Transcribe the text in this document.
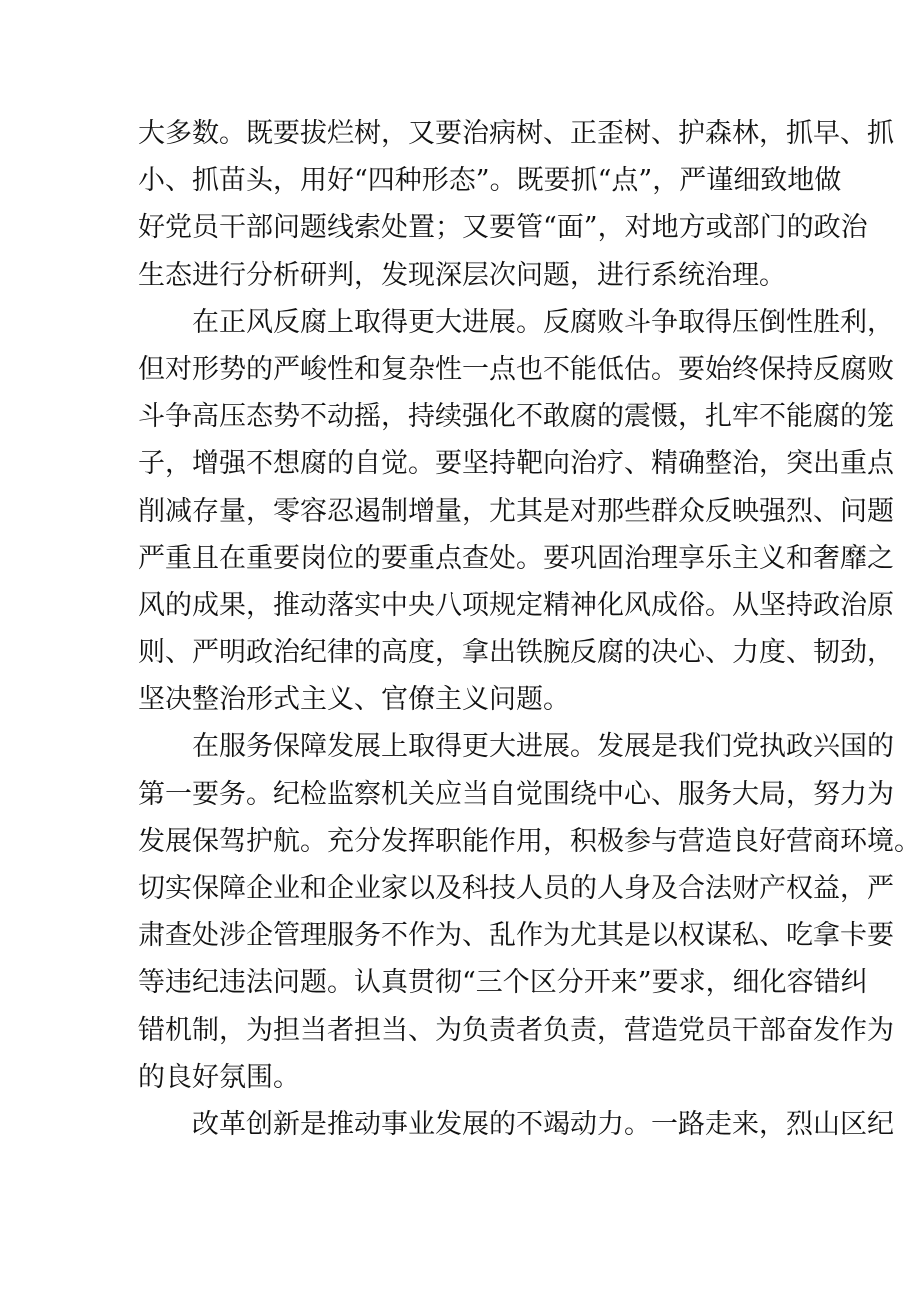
大多数。既要拔烂树，又要治病树、正歪树、护森林，抓早、抓
小、抓苗头，用好“四种形态”。既要抓“点”，严谨细致地做
好党员干部问题线索处置；又要管“面”，对地方或部门的政治
生态进行分析研判，发现深层次问题，进行系统治理。
在正风反腐上取得更大进展。反腐败斗争取得压倒性胜利，
但对形势的严峻性和复杂性一点也不能低估。要始终保持反腐败
斗争高压态势不动摇，持续强化不敢腐的震慑，扎牢不能腐的笼
子，增强不想腐的自觉。要坚持靶向治疗、精确整治，突出重点
削减存量，零容忍遏制增量，尤其是对那些群众反映强烈、问题
严重且在重要岗位的要重点查处。要巩固治理享乐主义和奢靡之
风的成果，推动落实中央八项规定精神化风成俗。从坚持政治原
则、严明政治纪律的高度，拿出铁腕反腐的决心、力度、韧劲，
坚决整治形式主义、官僚主义问题。
在服务保障发展上取得更大进展。发展是我们党执政兴国的
第一要务。纪检监察机关应当自觉围绕中心、服务大局，努力为
发展保驾护航。充分发挥职能作用，积极参与营造良好营商环境。
切实保障企业和企业家以及科技人员的人身及合法财产权益，严
肃查处涉企管理服务不作为、乱作为尤其是以权谋私、吃拿卡要
等违纪违法问题。认真贯彻“三个区分开来”要求，细化容错纠
错机制，为担当者担当、为负责者负责，营造党员干部奋发作为
的良好氛围。
改革创新是推动事业发展的不竭动力。一路走来，烈山区纪
